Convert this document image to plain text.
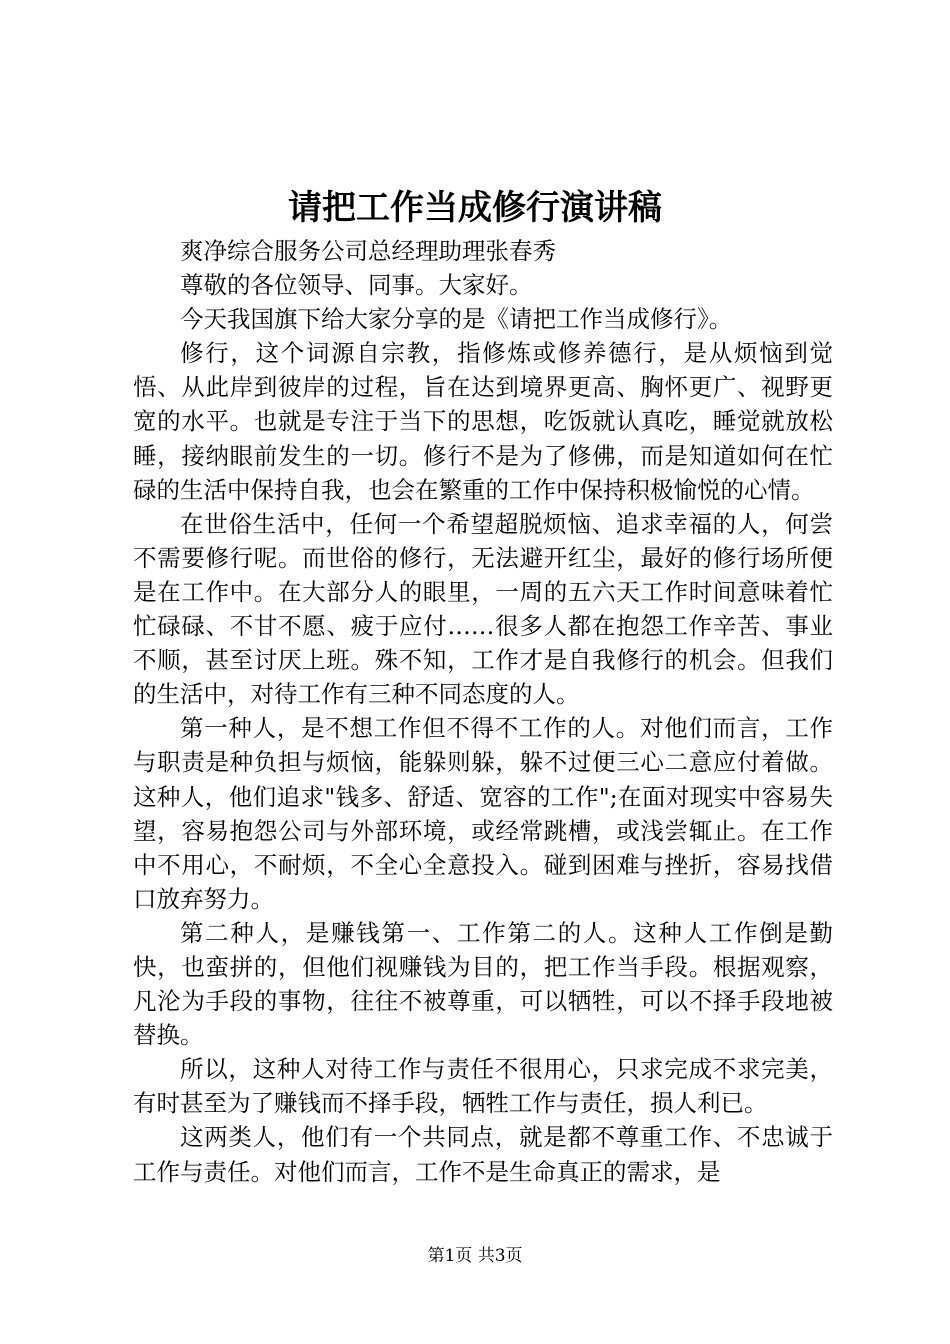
请把工作当成修行演讲稿

爽净综合服务公司总经理助理张春秀

尊敬的各位领导、同事。大家好。

今天我国旗下给大家分享的是《请把工作当成修行》。

修行，这个词源自宗教，指修炼或修养德行，是从烦恼到觉悟、从此岸到彼岸的过程，旨在达到境界更高、胸怀更广、视野更宽的水平。也就是专注于当下的思想，吃饭就认真吃，睡觉就放松睡，接纳眼前发生的一切。修行不是为了修佛，而是知道如何在忙碌的生活中保持自我，也会在繁重的工作中保持积极愉悦的心情。

在世俗生活中，任何一个希望超脱烦恼、追求幸福的人，何尝不需要修行呢。而世俗的修行，无法避开红尘，最好的修行场所便是在工作中。在大部分人的眼里，一周的五六天工作时间意味着忙忙碌碌、不甘不愿、疲于应付……很多人都在抱怨工作辛苦、事业不顺，甚至讨厌上班。殊不知，工作才是自我修行的机会。但我们的生活中，对待工作有三种不同态度的人。

第一种人，是不想工作但不得不工作的人。对他们而言，工作与职责是种负担与烦恼，能躲则躲，躲不过便三心二意应付着做。这种人，他们追求"钱多、舒适、宽容的工作";在面对现实中容易失望，容易抱怨公司与外部环境，或经常跳槽，或浅尝辄止。在工作中不用心，不耐烦，不全心全意投入。碰到困难与挫折，容易找借口放弃努力。

第二种人，是赚钱第一、工作第二的人。这种人工作倒是勤快，也蛮拼的，但他们视赚钱为目的，把工作当手段。根据观察，凡沦为手段的事物，往往不被尊重，可以牺牲，可以不择手段地被替换。

所以，这种人对待工作与责任不很用心，只求完成不求完美，有时甚至为了赚钱而不择手段，牺牲工作与责任，损人利已。

这两类人，他们有一个共同点，就是都不尊重工作、不忠诚于工作与责任。对他们而言，工作不是生命真正的需求，是

第1页 共3页
